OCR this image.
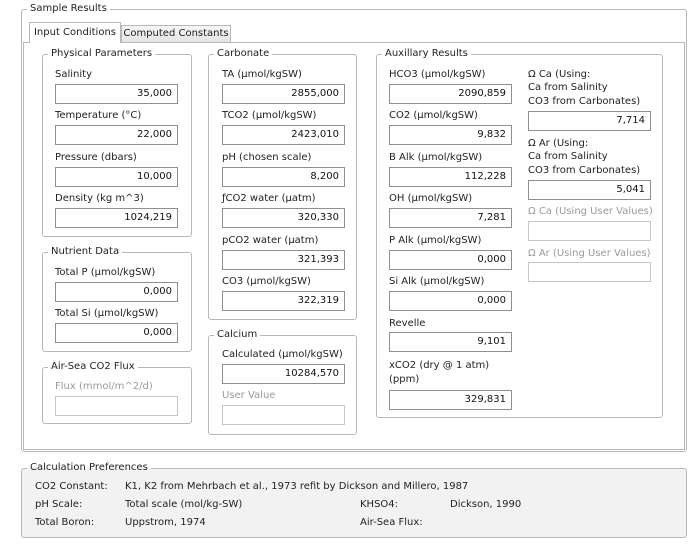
Sample Results
Input Conditions Computed Constants
Physical Parameters
Salinity
35,000
Temperature (°C)
22,000
Pressure (dbars)
10,000
Density (kg m^3)
1024,219
Nutrient Data
Total P (µmol/kgSW)
0,000
Total Si (µmol/kgSW)
0,000
Air-Sea CO2 Flux
Flux (mmol/m^2/d)
Carbonate
TA (µmol/kgSW)
2855,000
TCO2 (µmol/kgSW)
2423,010
pH (chosen scale)
8,200
ƒCO2 water (µatm)
320,330
pCO2 water (µatm)
321,393
CO3 (µmol/kgSW)
322,319
Calcium
Calculated (µmol/kgSW)
10284,570
User Value
Auxillary Results
HCO3 (µmol/kgSW)
2090,859
CO2 (µmol/kgSW)
9,832
B Alk (µmol/kgSW)
112,228
OH (µmol/kgSW)
7,281
P Alk (µmol/kgSW)
0,000
Si Alk (µmol/kgSW)
0,000
Revelle
9,101
xCO2 (dry @ 1 atm)
(ppm)
329,831
Ω Ca (Using:
Ca from Salinity
CO3 from Carbonates)
7,714
Ω Ar (Using:
Ca from Salinity
CO3 from Carbonates)
5,041
Ω Ca (Using User Values)
Ω Ar (Using User Values)
Calculation Preferences
CO2 Constant: K1, K2 from Mehrbach et al., 1973 refit by Dickson and Millero, 1987
pH Scale:	Total scale (mol/kg-SW)	KHSO4:	Dickson, 1990
Total Boron:	Uppstrom, 1974	Air-Sea Flux:
